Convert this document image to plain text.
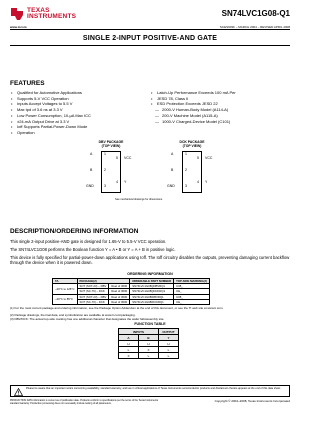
TEXAS
INSTRUMENTS	SN74LVC1G08-Q1
www.ti.com	SCES603F – MARCH 2004 – REVISED APRIL 2008
SINGLE 2-INPUT POSITIVE-AND GATE
FEATURES
• Qualified for Automotive Applications
• Supports 5-V VCC Operation
• Inputs Accept Voltages to 5.5 V
• Max tpd of 3.6 ns at 3.3 V
• Low Power Consumption, 10-μA Max ICC
• ±24-mA Output Drive at 3.3 V
• Ioff Supports Partial-Power-Down Mode
• Operation
• Latch-Up Performance Exceeds 100 mA Per
• JESD 78, Class II
• ESD Protection Exceeds JESD 22
— 2000-V Human-Body Model (A114-A)
— 200-V Machine Model (A115-A)
— 1000-V Charged-Device Model (C101)
DBV PACKAGE
(TOP VIEW)
A
B
GND
1
2
3
5
4
VCC
Y
DCK PACKAGE
(TOP VIEW)
A
B
GND
1
2
3
5
4
VCC
Y
See mechanical drawings for dimensions.
DESCRIPTION/ORDERING INFORMATION
This single 2-input positive-AND gate is designed for 1.65-V to 5.5-V VCC operation.
The SN74LVC1G08 performs the Boolean function Y = A • B or Y = A + B in positive logic.
This device is fully specified for partial-power-down applications using Ioff. The Ioff circuitry disables the outputs, preventing damaging current backflow through the device when it is powered down.
ORDERING INFORMATION
TA	PACKAGE(2)		ORDERABLE PART NUMBER	TOP-SIDE MARKING(3)
–40°C to 125°C	SOT (SOT-23) – DBV	Reel of 3000	SN74LVC1G08QDBVRQ1	C08_
	SOT (SC-70) – DCK	Reel of 3000	SN74LVC1G08QDCKRQ1	CE_
–40°C to 85°C	SOT (SOT-23) – DBV	Reel of 3000	SN74LVC1G08IDBVRQ1	C08_
	SOT (SC-70) – DCK	Reel of 3000	SN74LVC1G08IDCKRQ1	CE_
(1) For the most current package and ordering information, see the Package Option Addendum at the end of this document, or see the TI web site at www.ti.com.
(2) Package drawings, thermal data, and symbolization are available at www.ti.com/packaging.
(3) DBV/DCK: The actual top-side marking has one additional character that designates the wafer fab/assembly site.
FUNCTION TABLE
INPUTS		OUTPUT
A	B	Y
H	H	H
L	X	L
X	L	L
Please be aware that an important notice concerning availability, standard warranty, and use in critical applications of Texas Instruments semiconductor products and disclaimers thereto appears at the end of this data sheet.
PRODUCTION DATA information is current as of publication date. Products conform to specifications per the terms of the Texas Instruments standard warranty. Production processing does not necessarily include testing of all parameters.
Copyright © 2004–2008, Texas Instruments Incorporated
